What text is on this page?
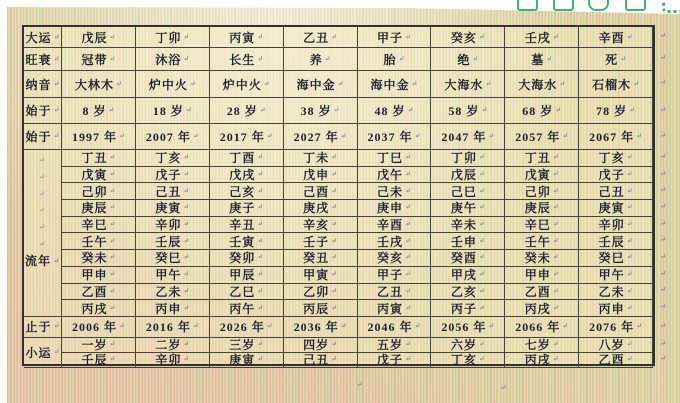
大运
↵
旺衰
↵
纳音
↵
始于
↵
始于
↵
↵
↵
↵
↵
↵
↵
流年
↵
止于
↵
小运
↵
戊辰
↵
冠带
↵
大林木
↵
8 岁
↵
1997 年
↵
丁丑
↵
戊寅
↵
己卯
↵
庚辰
↵
辛巳
↵
壬午
↵
癸未
↵
甲申
↵
乙酉
↵
丙戌
↵
2006 年
↵
一岁
↵
壬辰
↵
丁卯
↵
沐浴
↵
炉中火
↵
18 岁
↵
2007 年
↵
丁亥
↵
戊子
↵
己丑
↵
庚寅
↵
辛卯
↵
壬辰
↵
癸巳
↵
甲午
↵
乙未
↵
丙申
↵
2016 年
↵
二岁
↵
辛卯
↵
丙寅
↵
长生
↵
炉中火
↵
28 岁
↵
2017 年
↵
丁酉
↵
戊戌
↵
己亥
↵
庚子
↵
辛丑
↵
壬寅
↵
癸卯
↵
甲辰
↵
乙巳
↵
丙午
↵
2026 年
↵
三岁
↵
庚寅
↵
乙丑
↵
养
↵
海中金
↵
38 岁
↵
2027 年
↵
丁未
↵
戊申
↵
己酉
↵
庚戌
↵
辛亥
↵
壬子
↵
癸丑
↵
甲寅
↵
乙卯
↵
丙辰
↵
2036 年
↵
四岁
↵
己丑
↵
甲子
↵
胎
↵
海中金
↵
48 岁
↵
2037 年
↵
丁巳
↵
戊午
↵
己未
↵
庚申
↵
辛酉
↵
壬戌
↵
癸亥
↵
甲子
↵
乙丑
↵
丙寅
↵
2046 年
↵
五岁
↵
戊子
↵
癸亥
↵
绝
↵
大海水
↵
58 岁
↵
2047 年
↵
丁卯
↵
戊辰
↵
己巳
↵
庚午
↵
辛未
↵
壬申
↵
癸酉
↵
甲戌
↵
乙亥
↵
丙子
↵
2056 年
↵
六岁
↵
丁亥
↵
壬戌
↵
墓
↵
大海水
↵
68 岁
↵
2057 年
↵
丁丑
↵
戊寅
↵
己卯
↵
庚辰
↵
辛巳
↵
壬午
↵
癸未
↵
甲申
↵
乙酉
↵
丙戌
↵
2066 年
↵
七岁
↵
丙戌
↵
辛酉
↵
死
↵
石榴木
↵
78 岁
↵
2067 年
↵
丁亥
↵
戊子
↵
己丑
↵
庚寅
↵
辛卯
↵
壬辰
↵
癸巳
↵
甲午
↵
乙未
↵
丙申
↵
2076 年
↵
八岁
↵
乙酉
↵
↵
↵
↵
↵
↵
↵
↵
↵
↵
↵
↵
↵
↵
↵
↵
↵
↵
↵
↵	↵
